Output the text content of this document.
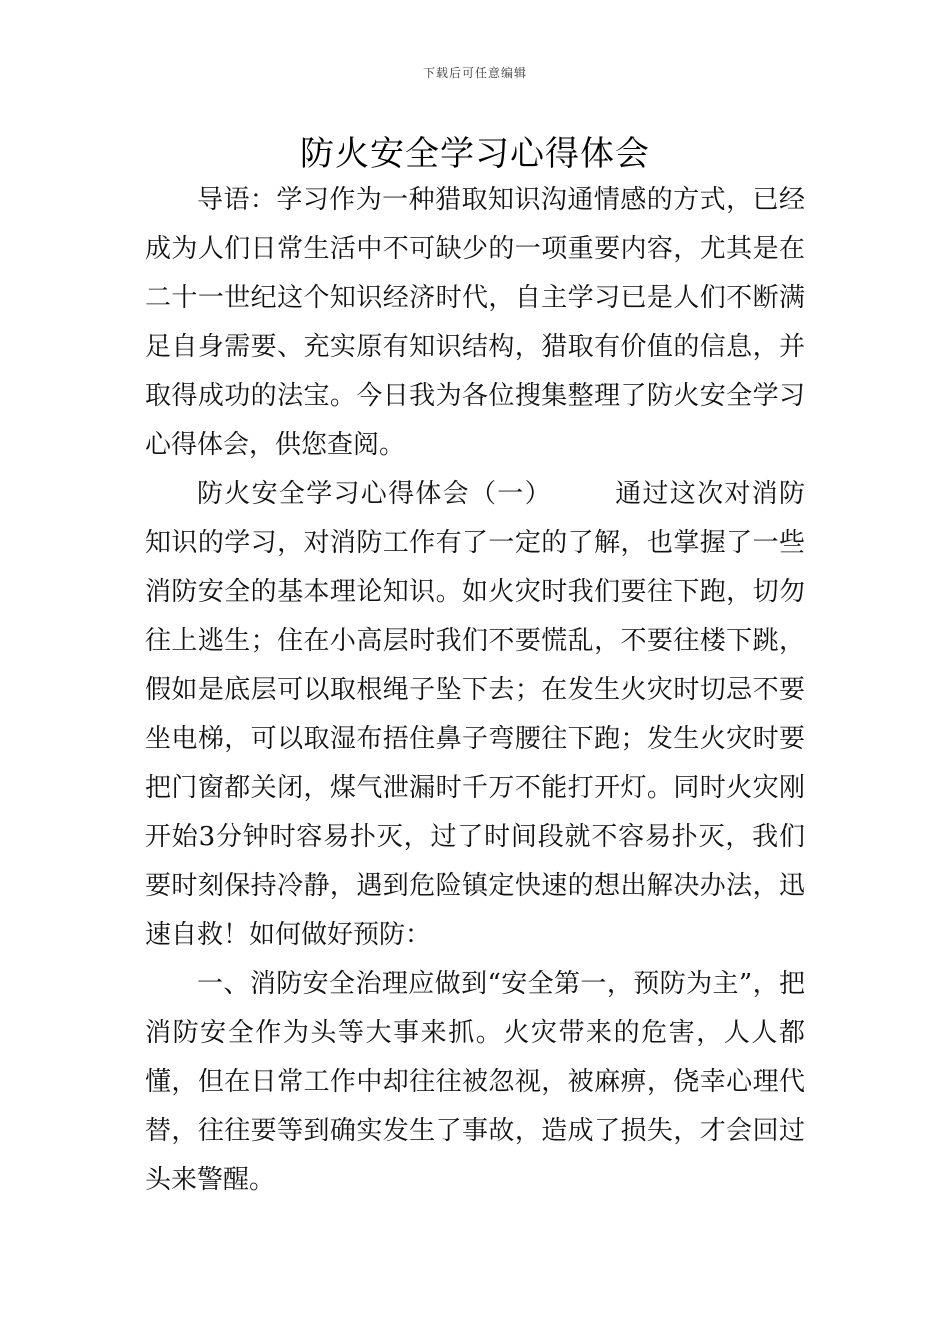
下载后可任意编辑
防火安全学习心得体会

导语：学习作为一种猎取知识沟通情感的方式，已经成为人们日常生活中不可缺少的一项重要内容，尤其是在二十一世纪这个知识经济时代，自主学习已是人们不断满足自身需要、充实原有知识结构，猎取有价值的信息，并取得成功的法宝。今日我为各位搜集整理了防火安全学习心得体会，供您查阅。

防火安全学习心得体会（一） 通过这次对消防知识的学习，对消防工作有了一定的了解，也掌握了一些消防安全的基本理论知识。如火灾时我们要往下跑，切勿往上逃生；住在小高层时我们不要慌乱，不要往楼下跳，假如是底层可以取根绳子坠下去；在发生火灾时切忌不要坐电梯，可以取湿布捂住鼻子弯腰往下跑；发生火灾时要把门窗都关闭，煤气泄漏时千万不能打开灯。同时火灾刚开始3分钟时容易扑灭，过了时间段就不容易扑灭，我们要时刻保持冷静，遇到危险镇定快速的想出解决办法，迅速自救！如何做好预防：

一、消防安全治理应做到“安全第一，预防为主”，把消防安全作为头等大事来抓。火灾带来的危害，人人都懂，但在日常工作中却往往被忽视，被麻痹，侥幸心理代替，往往要等到确实发生了事故，造成了损失，才会回过头来警醒。
